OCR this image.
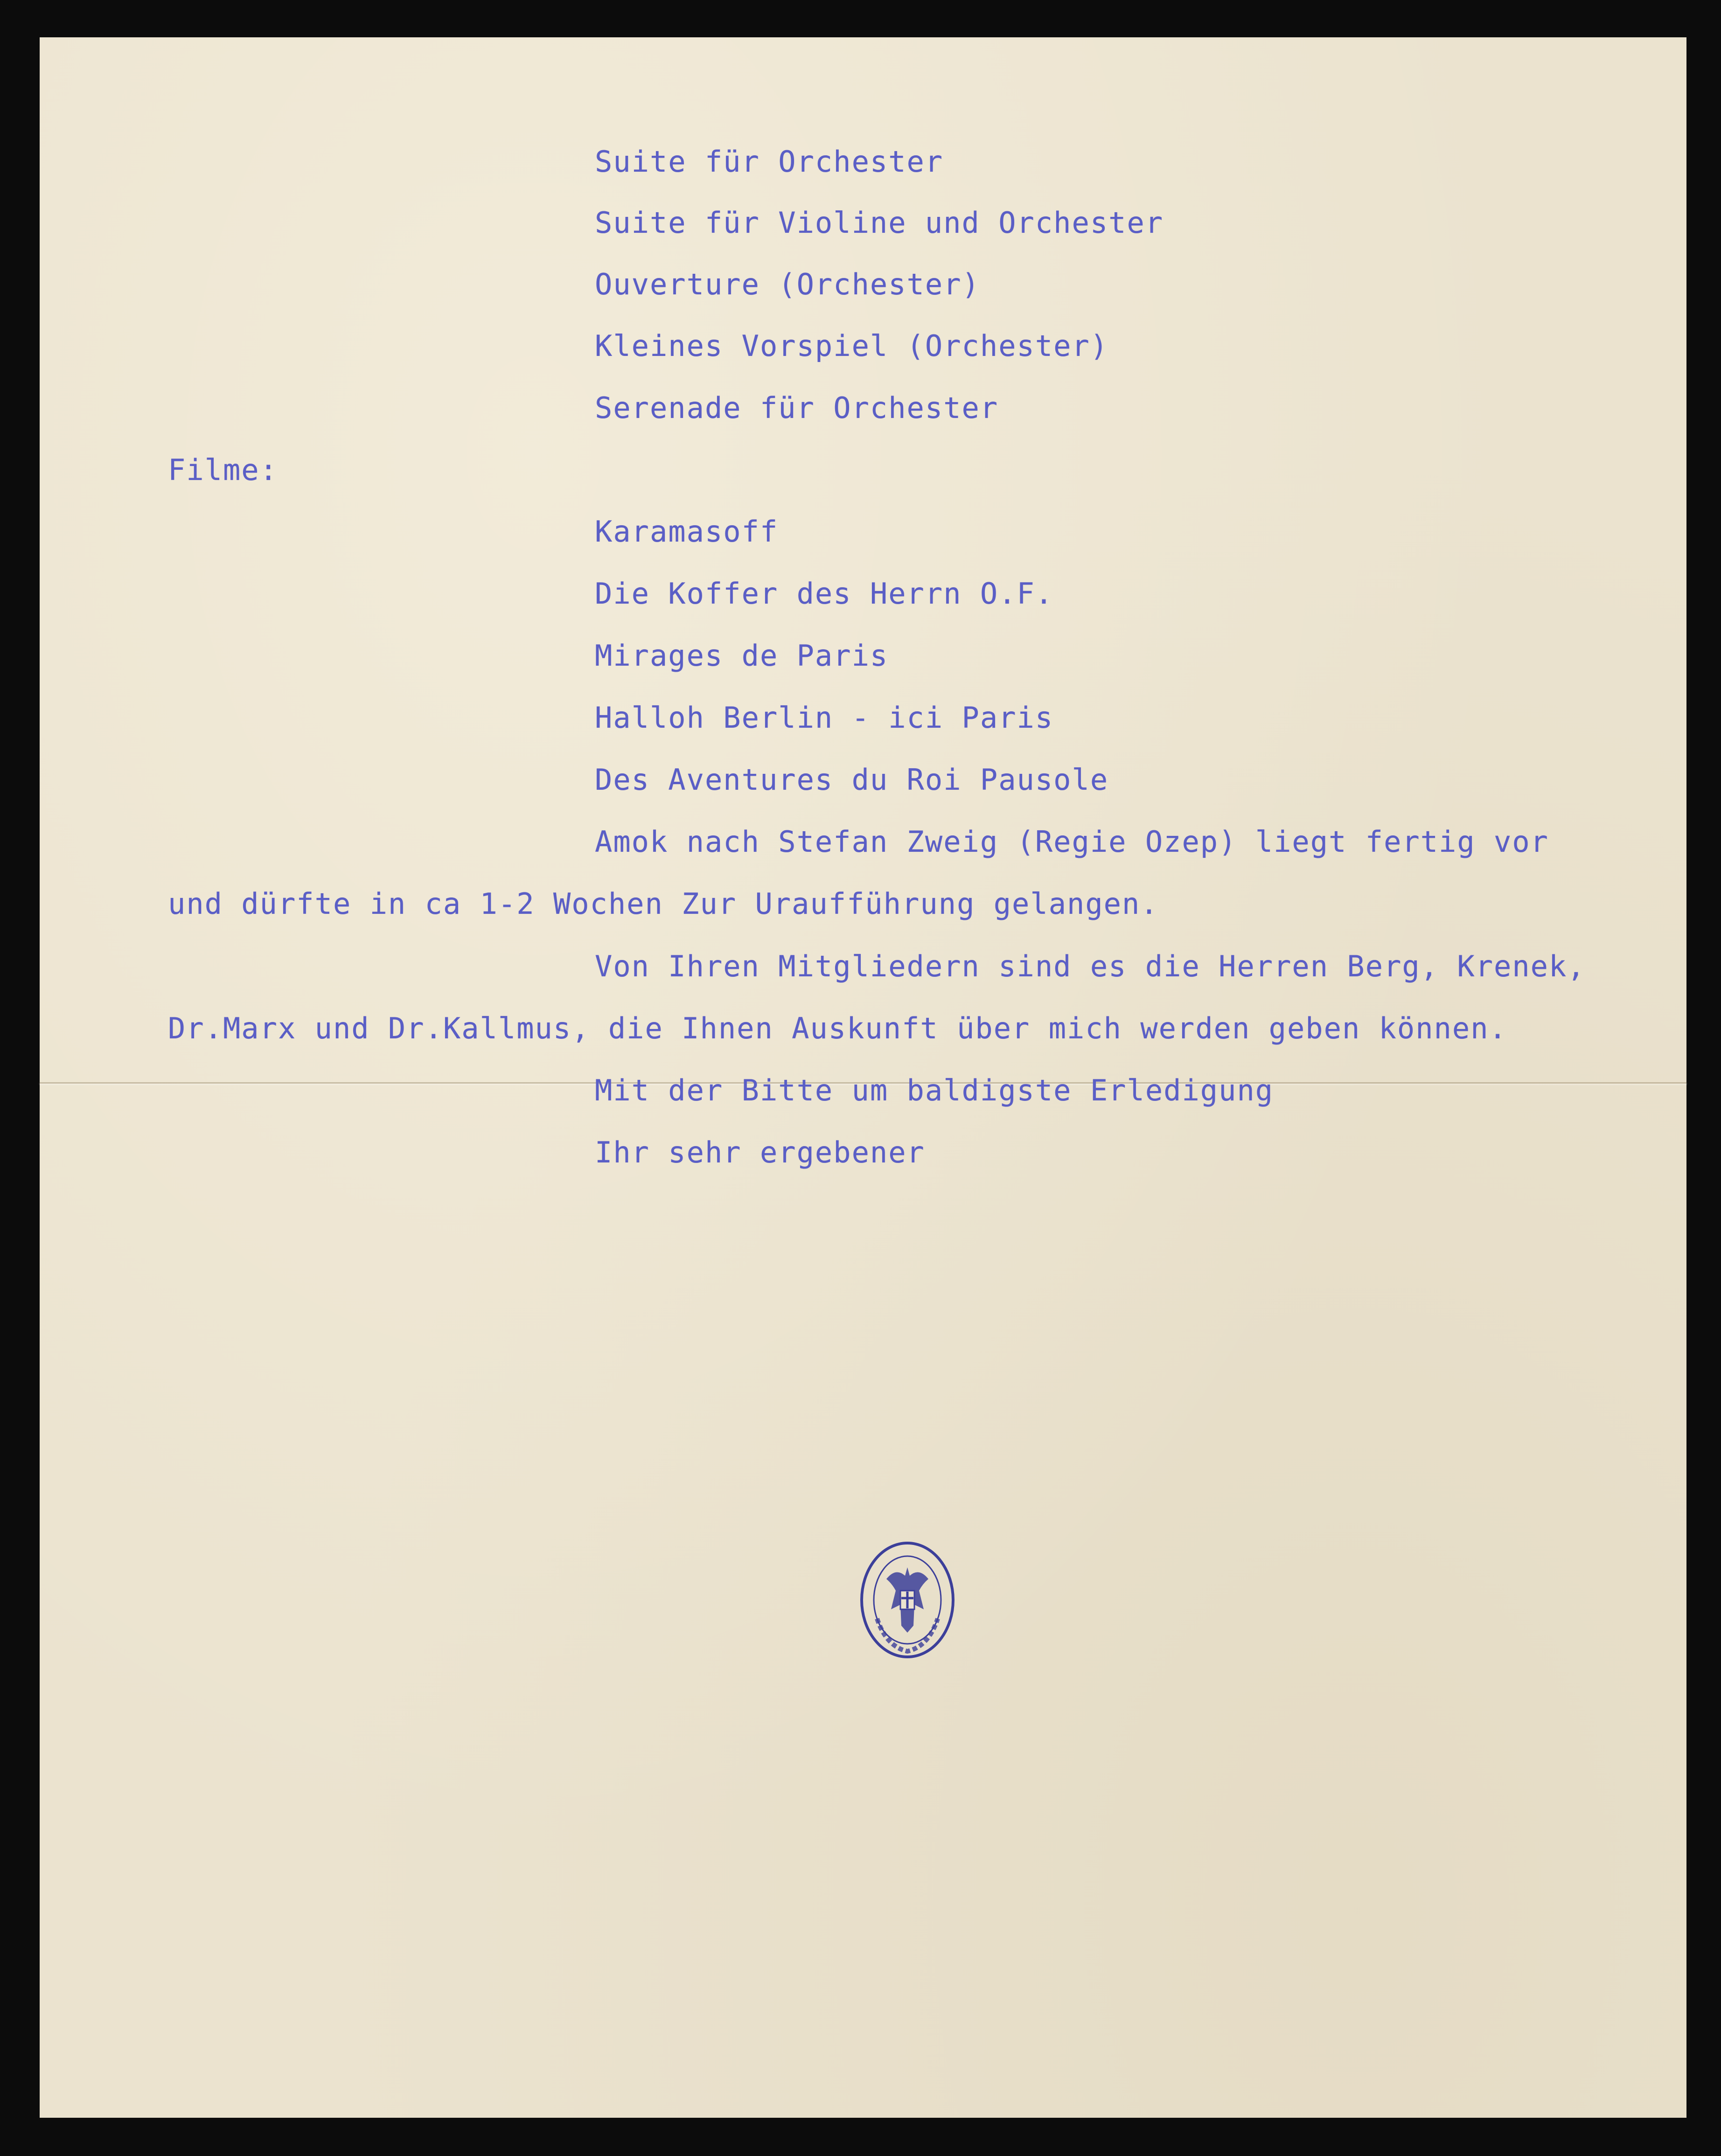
Suite für Orchester

Suite für Violine und Orchester

Ouverture (Orchester)

Kleines Vorspiel (Orchester)

Serenade für Orchester

Filme:

Karamasoff

Die Koffer des Herrn O.F.

Mirages de Paris

Halloh Berlin - ici Paris

Des Aventures du Roi Pausole

Amok nach Stefan Zweig (Regie Ozep) liegt fertig vor

und dürfte in ca 1-2 Wochen Zur Uraufführung gelangen.

Von Ihren Mitgliedern sind es die Herren Berg, Krenek,

Dr.Marx und Dr.Kallmus, die Ihnen Auskunft über mich werden geben können.

Mit der Bitte um baldigste Erledigung

Ihr sehr ergebener
